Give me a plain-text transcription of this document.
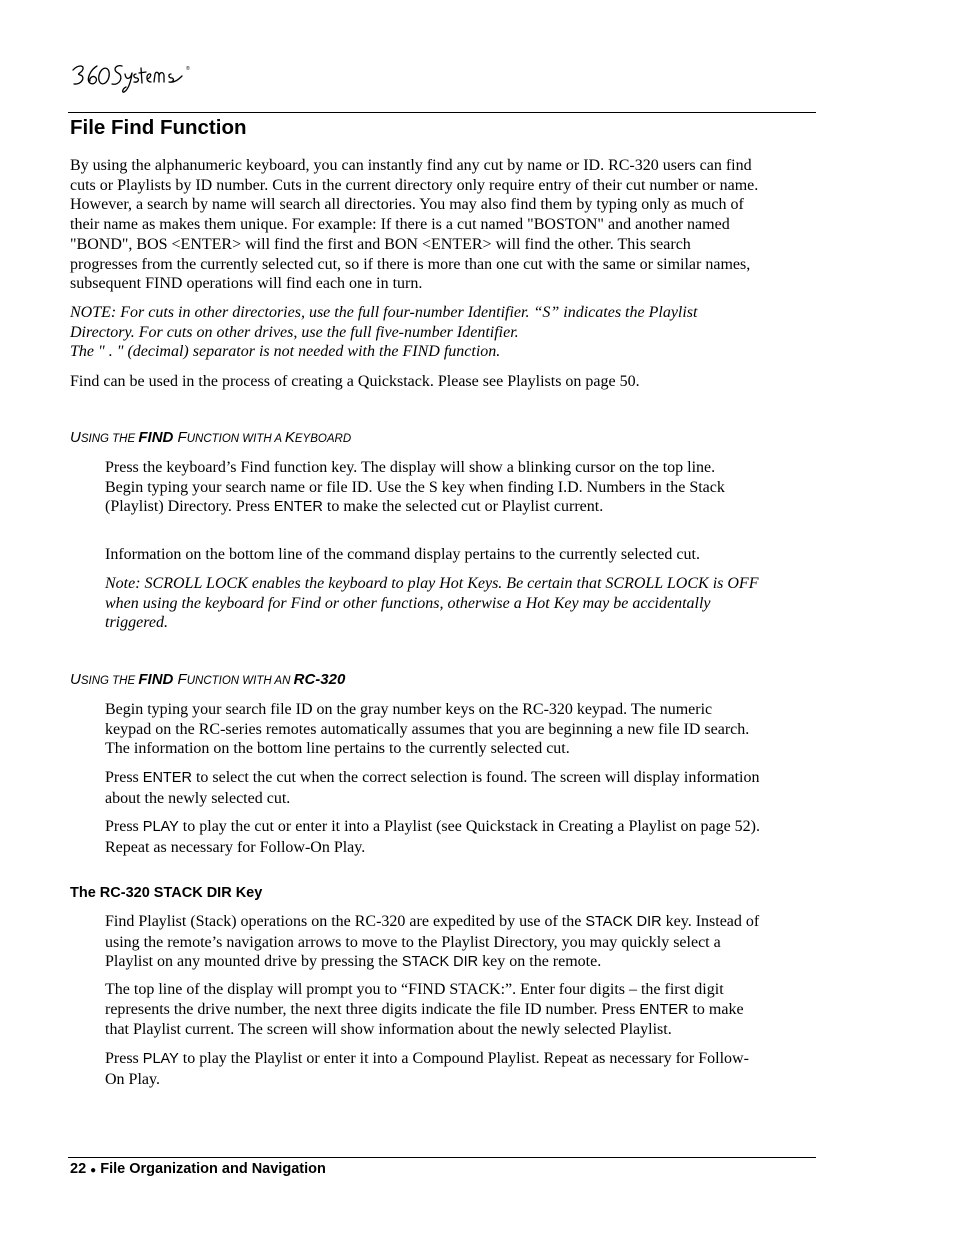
®
File Find Function

By using the alphanumeric keyboard, you can instantly find any cut by name or ID. RC-320 users can find
cuts or Playlists by ID number. Cuts in the current directory only require entry of their cut number or name.
However, a search by name will search all directories. You may also find them by typing only as much of
their name as makes them unique. For example: If there is a cut named "BOSTON" and another named
"BOND", BOS <ENTER> will find the first and BON <ENTER> will find the other. This search
progresses from the currently selected cut, so if there is more than one cut with the same or similar names,
subsequent FIND operations will find each one in turn.

NOTE: For cuts in other directories, use the full four-number Identifier. “S” indicates the Playlist
Directory. For cuts on other drives, use the full five-number Identifier.
The " . " (decimal) separator is not needed with the FIND function.

Find can be used in the process of creating a Quickstack. Please see Playlists on page 50.

USING THE FIND FUNCTION WITH A KEYBOARD

Press the keyboard’s Find function key. The display will show a blinking cursor on the top line.
Begin typing your search name or file ID. Use the S key when finding I.D. Numbers in the Stack
(Playlist) Directory. Press ENTER to make the selected cut or Playlist current.

Information on the bottom line of the command display pertains to the currently selected cut.

Note: SCROLL LOCK enables the keyboard to play Hot Keys. Be certain that SCROLL LOCK is OFF
when using the keyboard for Find or other functions, otherwise a Hot Key may be accidentally
triggered.

USING THE FIND FUNCTION WITH AN RC-320

Begin typing your search file ID on the gray number keys on the RC-320 keypad. The numeric
keypad on the RC-series remotes automatically assumes that you are beginning a new file ID search.
The information on the bottom line pertains to the currently selected cut.

Press ENTER to select the cut when the correct selection is found. The screen will display information
about the newly selected cut.

Press PLAY to play the cut or enter it into a Playlist (see Quickstack in Creating a Playlist on page 52).
Repeat as necessary for Follow-On Play.

The RC-320 STACK DIR Key

Find Playlist (Stack) operations on the RC-320 are expedited by use of the STACK DIR key. Instead of
using the remote’s navigation arrows to move to the Playlist Directory, you may quickly select a
Playlist on any mounted drive by pressing the STACK DIR key on the remote.

The top line of the display will prompt you to “FIND STACK:”. Enter four digits – the first digit
represents the drive number, the next three digits indicate the file ID number. Press ENTER to make
that Playlist current. The screen will show information about the newly selected Playlist.

Press PLAY to play the Playlist or enter it into a Compound Playlist. Repeat as necessary for Follow-
On Play.

22 ● File Organization and Navigation
